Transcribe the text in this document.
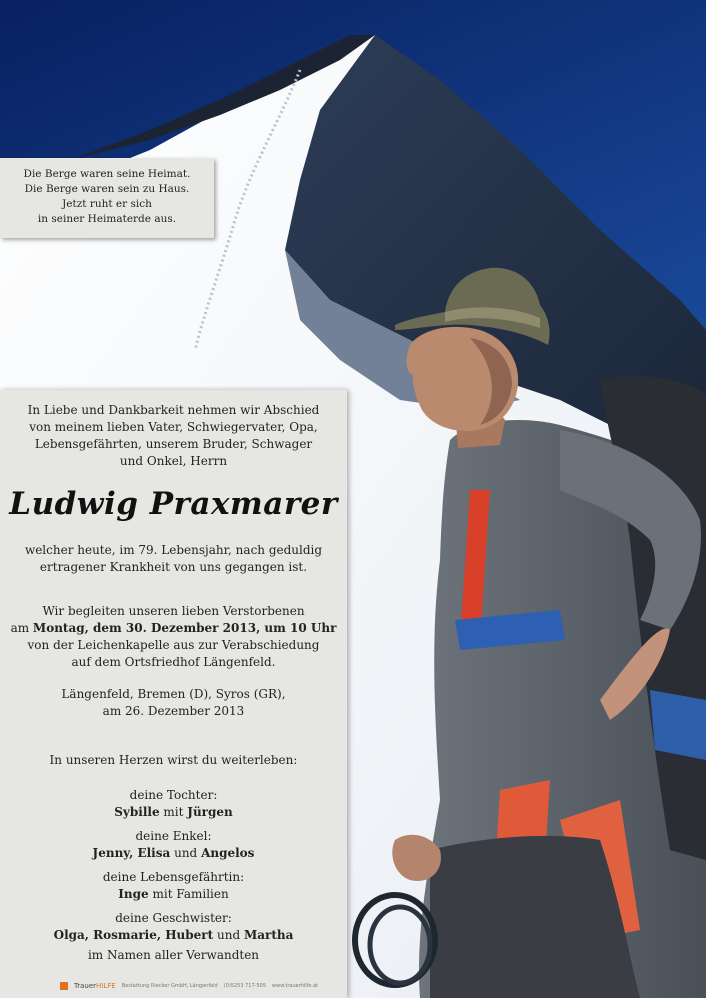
Die Berge waren seine Heimat.
Die Berge waren sein zu Haus.
Jetzt ruht er sich
in seiner Heimaterde aus.
In Liebe und Dankbarkeit nehmen wir Abschied
von meinem lieben Vater, Schwiegervater, Opa,
Lebensgefährten, unserem Bruder, Schwager
und Onkel, Herrn
Ludwig Praxmarer
welcher heute, im 79. Lebensjahr, nach geduldig
ertragener Krankheit von uns gegangen ist.
Wir begleiten unseren lieben Verstorbenen
am Montag, dem 30. Dezember 2013, um 10 Uhr
von der Leichenkapelle aus zur Verabschiedung
auf dem Ortsfriedhof Längenfeld.
Längenfeld, Bremen (D), Syros (GR),
am 26. Dezember 2013
In unseren Herzen wirst du weiterleben:
deine Tochter:
Sybille mit Jürgen
deine Enkel:
Jenny, Elisa und Angelos
deine Lebensgefährtin:
Inge mit Familien
deine Geschwister:
Olga, Rosmarie, Hubert und Martha
im Namen aller Verwandten
TrauerHILFE Bestattung Riecker GmbH, Längenfeld (0)5253 717-505 www.trauerhilfe.at
